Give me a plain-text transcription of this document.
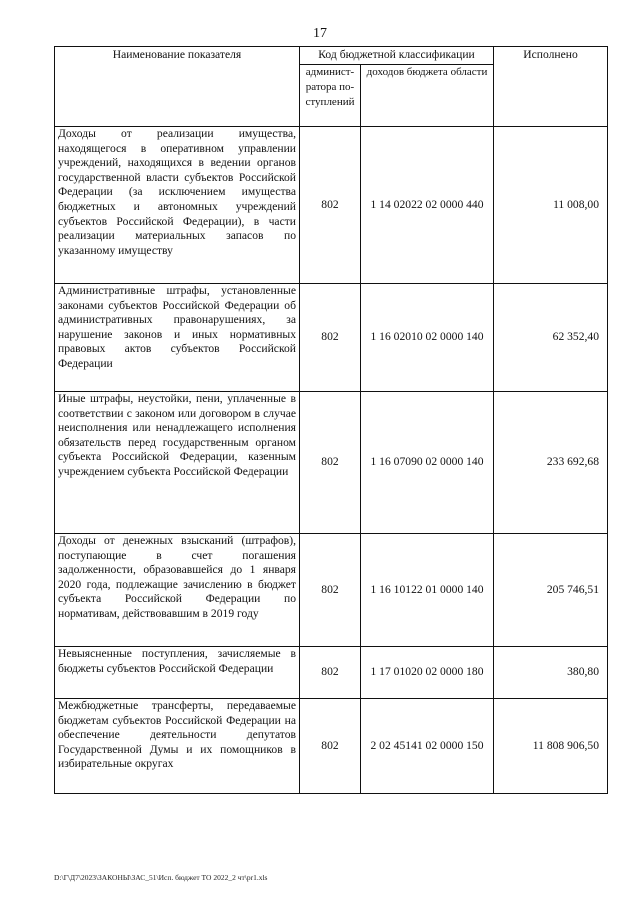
17
Наименование показателя	Код бюджетной классификации		Исполнено
	админист-ратора по-ступлений	доходов бюджета области	
Доходы от реализации имущества, находящегося в оперативном управлении учреждений, находящихся в ведении органов государственной власти субъектов Российской Федерации (за исключением имущества бюджетных и автономных учреждений субъектов Российской Федерации), в части реализации материальных запасов по указанному имуществу	802	1 14 02022 02 0000 440	11 008,00
Административные штрафы, установленные законами субъектов Российской Федерации об административных правонарушениях, за нарушение законов и иных нормативных правовых актов субъектов Российской Федерации	802	1 16 02010 02 0000 140	62 352,40
Иные штрафы, неустойки, пени, уплаченные в соответствии с законом или договором в случае неисполнения или ненадлежащего исполнения обязательств перед государственным органом субъекта Российской Федерации, казенным учреждением субъекта Российской Федерации	802	1 16 07090 02 0000 140	233 692,68
Доходы от денежных взысканий (штрафов), поступающие в счет погашения задолженности, образовавшейся до 1 января 2020 года, подлежащие зачислению в бюджет субъекта Российской Федерации по нормативам, действовавшим в 2019 году	802	1 16 10122 01 0000 140	205 746,51
Невыясненные поступления, зачисляемые в бюджеты субъектов Российской Федерации	802	1 17 01020 02 0000 180	380,80
Межбюджетные трансферты, передаваемые бюджетам субъектов Российской Федерации на обеспечение деятельности депутатов Государственной Думы и их помощников в избирательные округах	802	2 02 45141 02 0000 150	11 808 906,50
D:\Г\Д7\2023\ЗАКОНЫ\ЗАС_51\Исп. бюджет ТО 2022_2 чт\pr1.xls
